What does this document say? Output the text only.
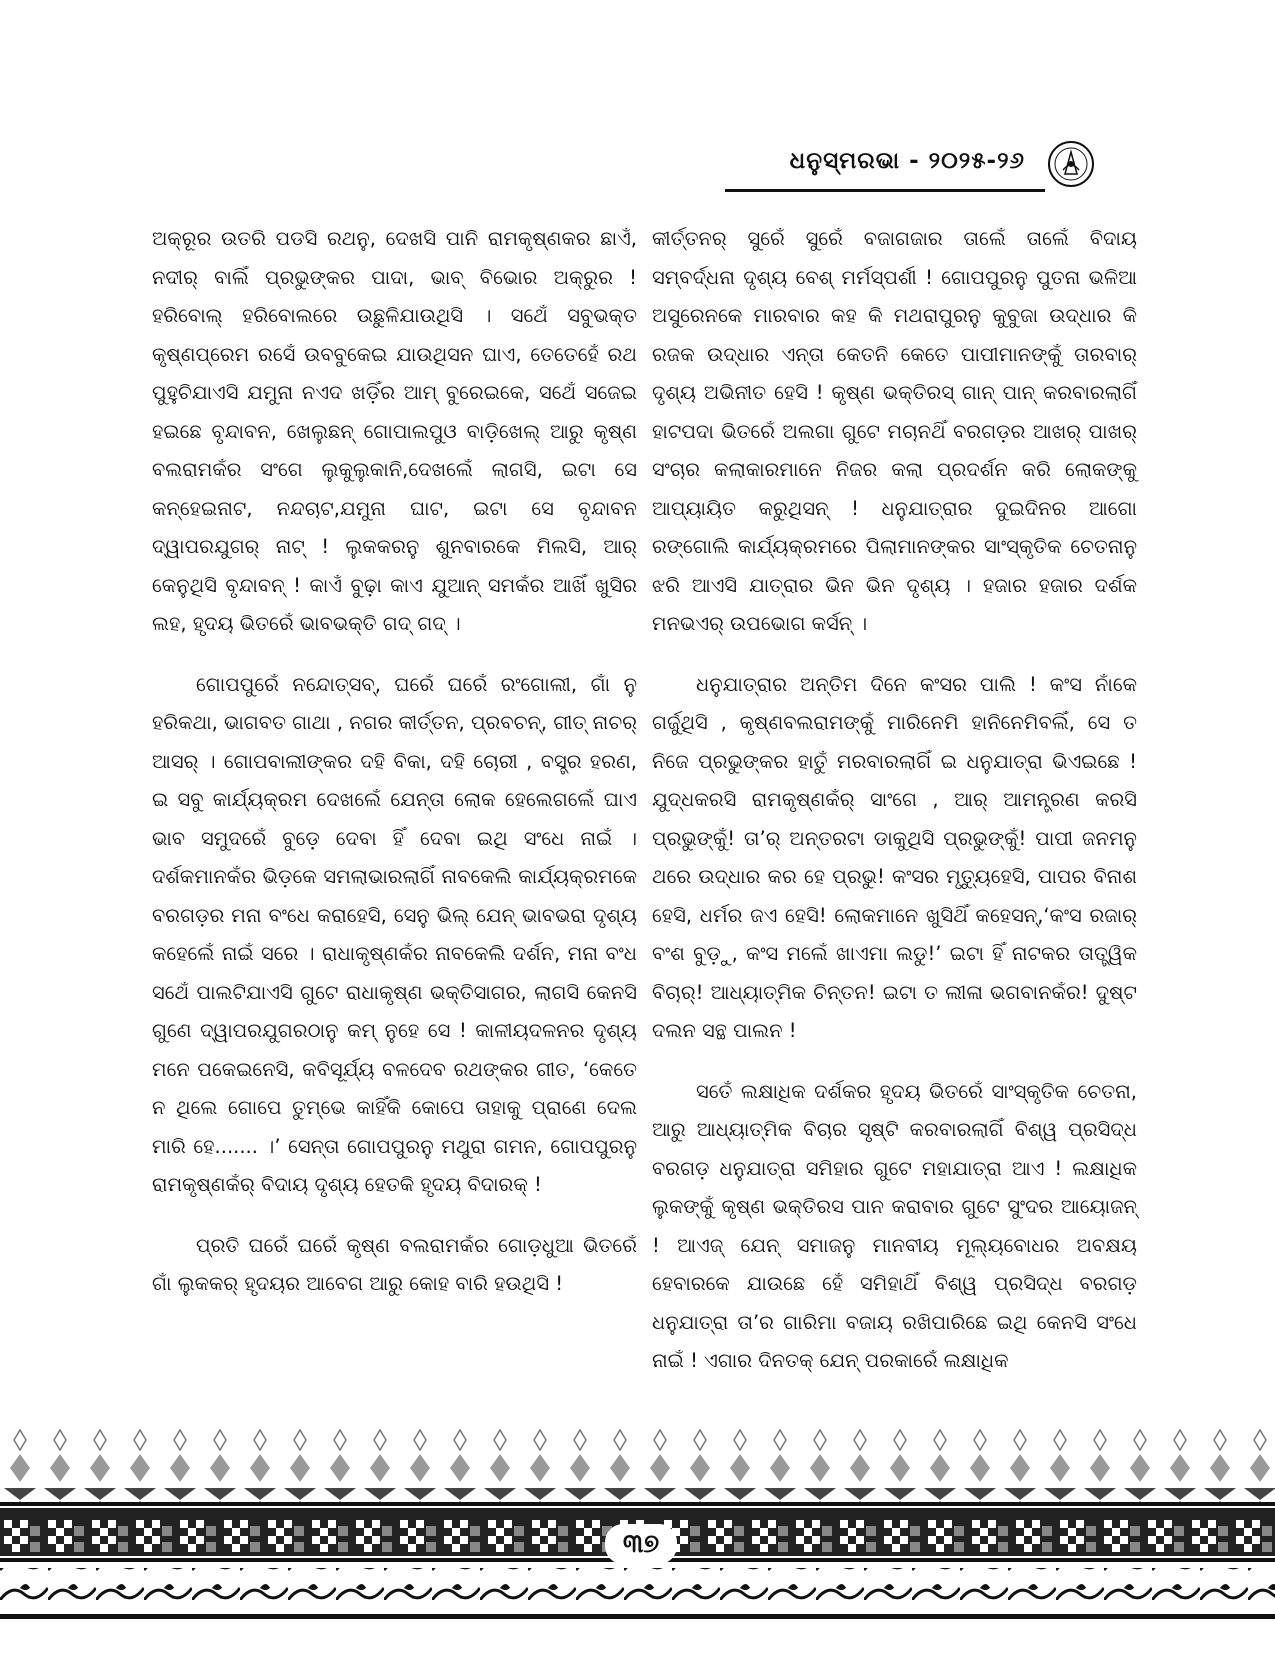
ଧନୁସ୍ମରଭା - ୨୦୨୫-୨୬

ଅକ୍ରୂର ଉତରି ପଡସି ରଥନୁ, ଦେଖସି ପାନି ରାମକୃଷ୍ଣକର ଛାଏଁ, ନଦୀର୍ ବାଲିଁ ପ୍ରଭୁଙ୍କର ପାଦା, ଭାବ୍ ବିଭୋର ଅକ୍ରୁର ! ହରିବୋଲ୍ ହରିବୋଲରେ ଉଛୁଳିଯାଉଥିସି । ସଥେଁ ସବୁଭକ୍ତ କୃଷ୍ଣପ୍ରେମ ରସେଁ ଉବବୁକେଇ ଯାଉଥିସନ ଘାଏ, ତେତେହେଁ ରଥ ପୁହୁଚିଯାଏସି ଯମୁନା ନଏଦ ଖଡ଼ିଁର ଆମ୍ ବୁରେଇକେ, ସଥେଁ ସଜେଇ ହଇଛେ ବୃନ୍ଦାବନ, ଖେଲୁଛନ୍ ଗୋପାଲପୁଓ ବାଡ଼ିଖେଲ୍ ଆରୁ କୃଷ୍ଣ ବଲରାମକଁର ସଂଗେ ଲୁକୁଲୁକାନି,ଦେଖଲେଁ ଲାଗସି, ଇଟା ସେ କନ୍ହେଇନାଟ, ନନ୍ଦଚାଟ,ଯମୁନା ଘାଟ, ଇଟା ସେ ବୃନ୍ଦାବନ ଦ୍ୱାପରଯୁଗର୍ ନାଟ୍ ! ଲୁକକରନୁ ଶୁନବାରକେ ମିଲସି, ଆର୍ କେନୁଥିସି ବୃନ୍ଦାବନ୍ ! କାଏଁ ବୁଢ଼ା କାଏ ଯୁଆନ୍ ସମକଁର ଆଖିଁ ଖୁସିର ଲହ, ହୃଦୟ ଭିତରେଁ ଭାବଭକ୍ତି ଗଦ୍ ଗଦ୍ ।

ଗୋପପୁରେଁ ନନ୍ଦୋତ୍ସବ୍, ଘରେଁ ଘରେଁ ରଂଗୋଲୀ, ଗାଁ ନୁ ହରିକଥା, ଭାଗବତ ଗାଥା , ନଗର କୀର୍ତ୍ତନ, ପ୍ରବଚନ୍, ଗୀତ୍ ନାଚର୍ ଆସର୍ । ଗୋପବାଲୀଙ୍କର ଦହି ବିକା, ଦହି ଚୋରୀ , ବସ୍ତ୍ର ହରଣ, ଇ ସବୁ କାର୍ଯ୍ୟକ୍ରମ ଦେଖଲେଁ ଯେନ୍ତା ଲୋକ ହେଲେଗଲେଁ ଘାଏ ଭାବ ସମୁଦରେଁ ବୁଡ଼େ ଦେବା ହିଁ ଦେବା ଇଥି ସଂଧେ ନାଇଁ । ଦର୍ଶକମାନକଁର ଭିଡ଼କେ ସମଲାଭାରଲାଗିଁ ନାବକେଲି କାର୍ଯ୍ୟକ୍ରମକେ ବରଗଡ଼ର ମନା ବଂଧେ କରାହେସି, ସେନୁ ଭିଲ୍ ଯେନ୍ ଭାବଭରା ଦୃଶ୍ୟ କହେଲେଁ ନାଇଁ ସରେ । ରାଧାକୃଷ୍ଣକଁର ନାବକେଲି ଦର୍ଶନ, ମନା ବଂଧ ସଥେଁ ପାଲଟିଯାଏସି ଗୁଟେ ରାଧାକୃଷ୍ଣ ଭକ୍ତିସାଗର, ଲାଗସି କେନସି ଗୁଣେ ଦ୍ୱାପରଯୁଗରଠାନୁ କମ୍ ନୁହେ ସେ ! କାଳୀୟଦଳନର ଦୃଶ୍ୟ ମନେ ପକେଇନେସି, କବିସୂର୍ଯ୍ୟ ବଳଦେବ ରଥଙ୍କର ଗୀତ, ‘କେତେ ନ ଥିଲେ ଗୋପେ ତୁମ୍ଭେ କାହିଁକି କୋପେ ତାହାକୁ ପ୍ରାଣେ ଦେଲ ମାରି ହେ....... ।’ ସେନ୍ତା ଗୋପପୁରନୁ ମଥୁରା ଗମନ, ଗୋପପୁରନୁ ରାମକୃଷ୍ଣକଁର୍ ବିଦାୟ ଦୃଶ୍ୟ ହେତକି ହୃଦୟ ବିଦାରକ୍ !

ପ୍ରତି ଘରେଁ ଘରେଁ କୃଷ୍ଣ ବଲରାମକଁର ଗୋଡ଼ଧୁଆ ଭିତରେଁ ଗାଁ ଲୁକକର୍ ହୃଦୟର ଆବେଗ ଆରୁ କୋହ ବାରି ହଉଥିସି !

କୀର୍ତ୍ତନର୍ ସୁରେଁ ସୁରେଁ ବଜାଗଜାର ତାଲେଁ ତାଲେଁ ବିଦାୟ ସମ୍ବର୍ଦ୍ଧନା ଦୃଶ୍ୟ ବେଶ୍ ମର୍ମସ୍ପର୍ଶୀ ! ଗୋପପୁରନୁ ପୁତନା ଭଳିଆ ଅସୁରେନକେ ମାରବାର କହ କି ମଥରାପୁରନୁ କୁବୁଜା ଉଦ୍ଧାର କି ରଜକ ଉଦ୍ଧାର ଏନ୍ତା କେତନି କେତେ ପାପୀମାନଙ୍କୁଁ ତାରବାର୍ ଦୃଶ୍ୟ ଅଭିନୀତ ହେସି ! କୃଷ୍ଣ ଭକ୍ତିରସ୍ ଗାନ୍ ପାନ୍ କରବାରଲାଗିଁ ହାଟପଦା ଭିତରେଁ ଅଲଗା ଗୁଟେ ମଚାନଥିଁ ବରଗଡ଼ର ଆଖର୍ ପାଖର୍ ସଂଚାର କଲାକାରମାନେ ନିଜର କଲା ପ୍ରଦର୍ଶନ କରି ଲୋକଙ୍କୁ ଆପ୍ୟାୟିତ କରୁଥିସନ୍ ! ଧନୁଯାତ୍ରାର ଦୁଇଦିନର ଆଗୋ ରଙ୍ଗୋଲି କାର୍ଯ୍ୟକ୍ରମରେ ପିଲାମାନଙ୍କର ସାଂସ୍କୃତିକ ଚେତନାନୁ ଝରି ଆଏସି ଯାତ୍ରାର ଭିନ ଭିନ ଦୃଶ୍ୟ । ହଜାର ହଜାର ଦର୍ଶକ ମନଭଏର୍ ଉପଭୋଗ କର୍ସନ୍ ।

ଧନୁଯାତ୍ରାର ଅନ୍ତିମ ଦିନେ କଂସର ପାଲି ! କଂସ ନାଁକେ ଗର୍ଜୁଥିସି , କୃଷ୍ଣବଲରାମଙ୍କୁଁ ମାରିନେମି ହାନିନେମିବଲିଁ, ସେ ତ ନିଜେ ପ୍ରଭୁଙ୍କର ହାତୁଁ ମରବାରଲାଗିଁ ଇ ଧନୁଯାତ୍ରା ଭିଏଇଛେ ! ଯୁଦ୍ଧକରସି ରାମକୃଷ୍ଣକଁର୍ ସାଂଗେ , ଆର୍ ଆମନ୍ତ୍ରଣ କରସି ପ୍ରଭୁଙ୍କୁଁ! ତା’ର୍ ଅନ୍ତରଟା ଡାକୁଥିସି ପ୍ରଭୁଙ୍କୁଁ! ପାପୀ ଜନମନୁ ଥରେ ଉଦ୍ଧାର କର ହେ ପ୍ରଭୁ! କଂସର ମୃତ୍ୟୁହେସି, ପାପର ବିନାଶ ହେସି, ଧର୍ମର ଜଏ ହେସି! ଲୋକମାନେ ଖୁସିଥିଁ କହେସନ୍,‘କଂସ ରଜାର୍ ବଂଶ ବୁଡ଼ୁ, କଂସ ମଲେଁ ଖାଏମା ଲଡୁ!’ ଇଟା ହିଁ ନାଟକର ତାତ୍ତ୍ୱିକ ବିଚାର୍! ଆଧ୍ୟାତ୍ମିକ ଚିନ୍ତନ! ଇଟା ତ ଲୀଳା ଭଗବାନକଁର! ଦୁଷ୍ଟ ଦଲନ ସନ୍ଥ ପାଲନ !

ସତେଁ ଲକ୍ଷାଧିକ ଦର୍ଶକର ହୃଦୟ ଭିତରେଁ ସାଂସ୍କୃତିକ ଚେତନା, ଆରୁ ଆଧ୍ୟାତ୍ମିକ ବିଚାର ସୃଷ୍ଟି କରବାରଲାଗିଁ ବିଶ୍ୱ ପ୍ରସିଦ୍ଧ ବରଗଡ଼ ଧନୁଯାତ୍ରା ସମିହାର ଗୁଟେ ମହାଯାତ୍ରା ଆଏ ! ଲକ୍ଷାଧିକ ଲୁକଙ୍କୁଁ କୃଷ୍ଣ ଭକ୍ତିରସ ପାନ କରାବାର ଗୁଟେ ସୁଂଦର ଆୟୋଜନ୍ ! ଆଏଜ୍ ଯେନ୍ ସମାଜନୁ ମାନବୀୟ ମୂଲ୍ୟବୋଧର ଅବକ୍ଷୟ ହେବାରକେ ଯାଉଛେ ହେଁ ସମିହାଥିଁ ବିଶ୍ୱ ପ୍ରସିଦ୍ଧ ବରଗଡ଼ ଧନୁଯାତ୍ରା ତା’ର ଗାରିମା ବଜାୟ ରଖିପାରିଛେ ଇଥି କେନସି ସଂଧେ ନାଇଁ ! ଏଗାର ଦିନତକ୍ ଯେନ୍ ପରକାରେଁ ଲକ୍ଷାଧିକ

୩୭
